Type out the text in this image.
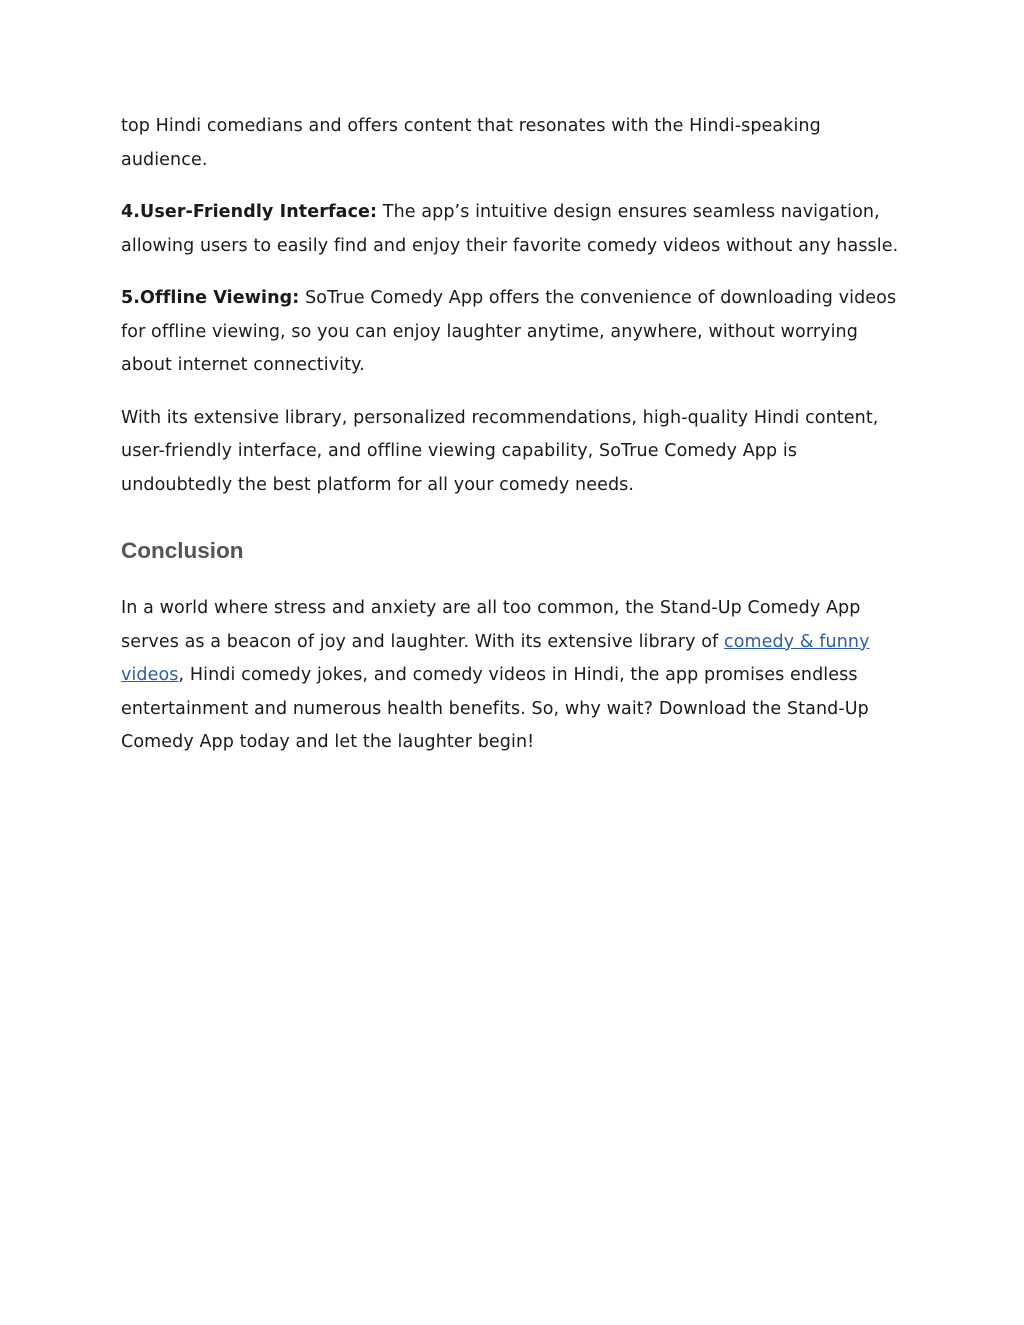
top Hindi comedians and offers content that resonates with the Hindi-speaking audience.

4.User-Friendly Interface: The app’s intuitive design ensures seamless navigation, allowing users to easily find and enjoy their favorite comedy videos without any hassle.

5.Offline Viewing: SoTrue Comedy App offers the convenience of downloading videos for offline viewing, so you can enjoy laughter anytime, anywhere, without worrying about internet connectivity.

With its extensive library, personalized recommendations, high-quality Hindi content, user-friendly interface, and offline viewing capability, SoTrue Comedy App is undoubtedly the best platform for all your comedy needs.

Conclusion

In a world where stress and anxiety are all too common, the Stand-Up Comedy App serves as a beacon of joy and laughter. With its extensive library of comedy & funny videos, Hindi comedy jokes, and comedy videos in Hindi, the app promises endless entertainment and numerous health benefits. So, why wait? Download the Stand-Up Comedy App today and let the laughter begin!
